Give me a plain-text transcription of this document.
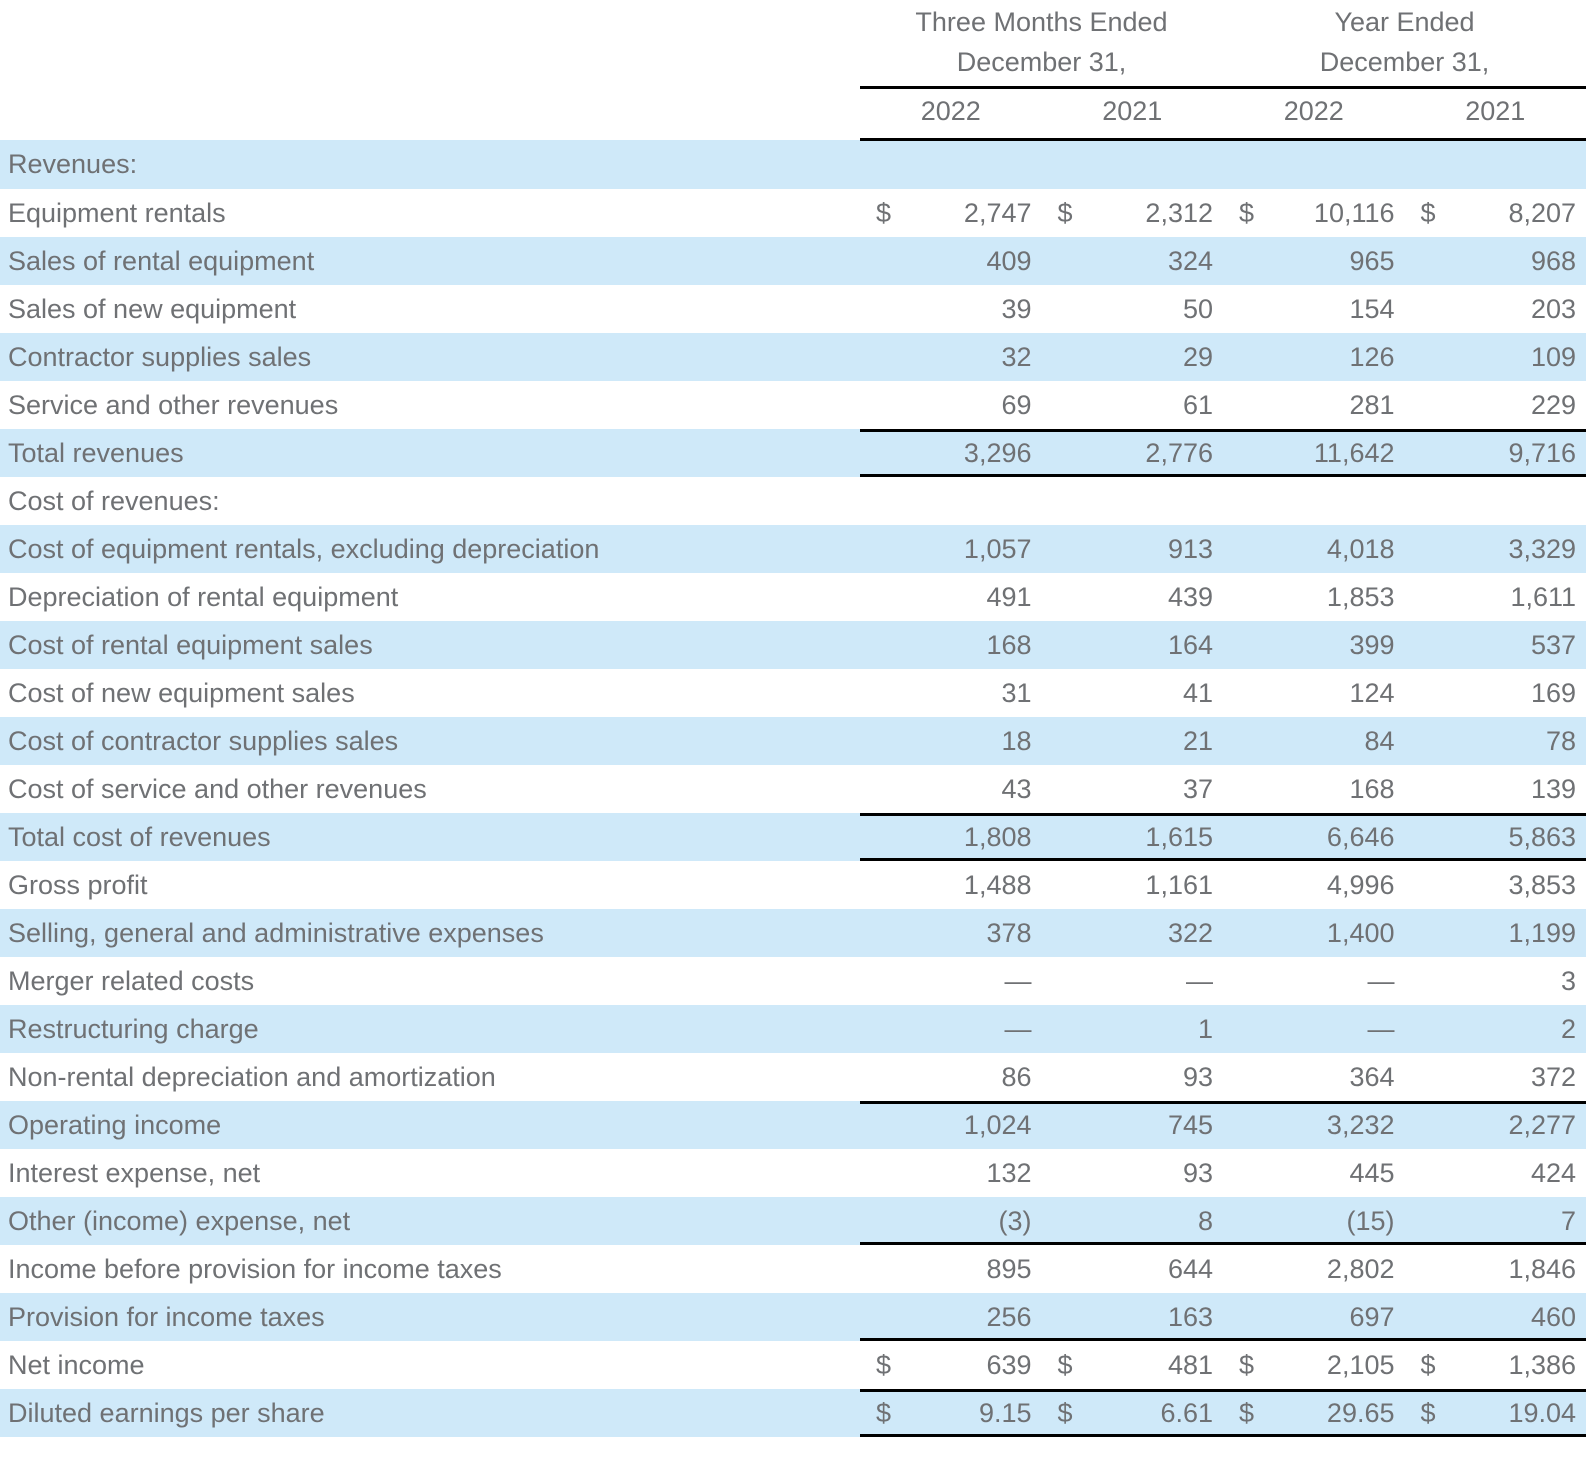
	Three Months Ended		Year Ended	
	December 31,		December 31,	

	2022	2021	2022	2021

Revenues:	

Equipment rentals	$ 2,747	$ 2,312	$ 10,116	$ 8,207

Sales of rental equipment	409	324	965	968

Sales of new equipment	39	50	154	203

Contractor supplies sales	32	29	126	109

Service and other revenues	69	61	281	229

Total revenues	3,296	2,776	11,642	9,716

Cost of revenues:	

Cost of equipment rentals, excluding depreciation	1,057	913	4,018	3,329

Depreciation of rental equipment	491	439	1,853	1,611

Cost of rental equipment sales	168	164	399	537

Cost of new equipment sales	31	41	124	169

Cost of contractor supplies sales	18	21	84	78

Cost of service and other revenues	43	37	168	139

Total cost of revenues	1,808	1,615	6,646	5,863

Gross profit	1,488	1,161	4,996	3,853

Selling, general and administrative expenses	378	322	1,400	1,199

Merger related costs	—	—	—	3

Restructuring charge	—	1	—	2

Non-rental depreciation and amortization	86	93	364	372

Operating income	1,024	745	3,232	2,277

Interest expense, net	132	93	445	424

Other (income) expense, net	(3)	8	(15)	7

Income before provision for income taxes	895	644	2,802	1,846

Provision for income taxes	256	163	697	460

Net income	$ 639	$ 481	$ 2,105	$ 1,386

Diluted earnings per share	$ 9.15	$ 6.61	$ 29.65	$ 19.04
